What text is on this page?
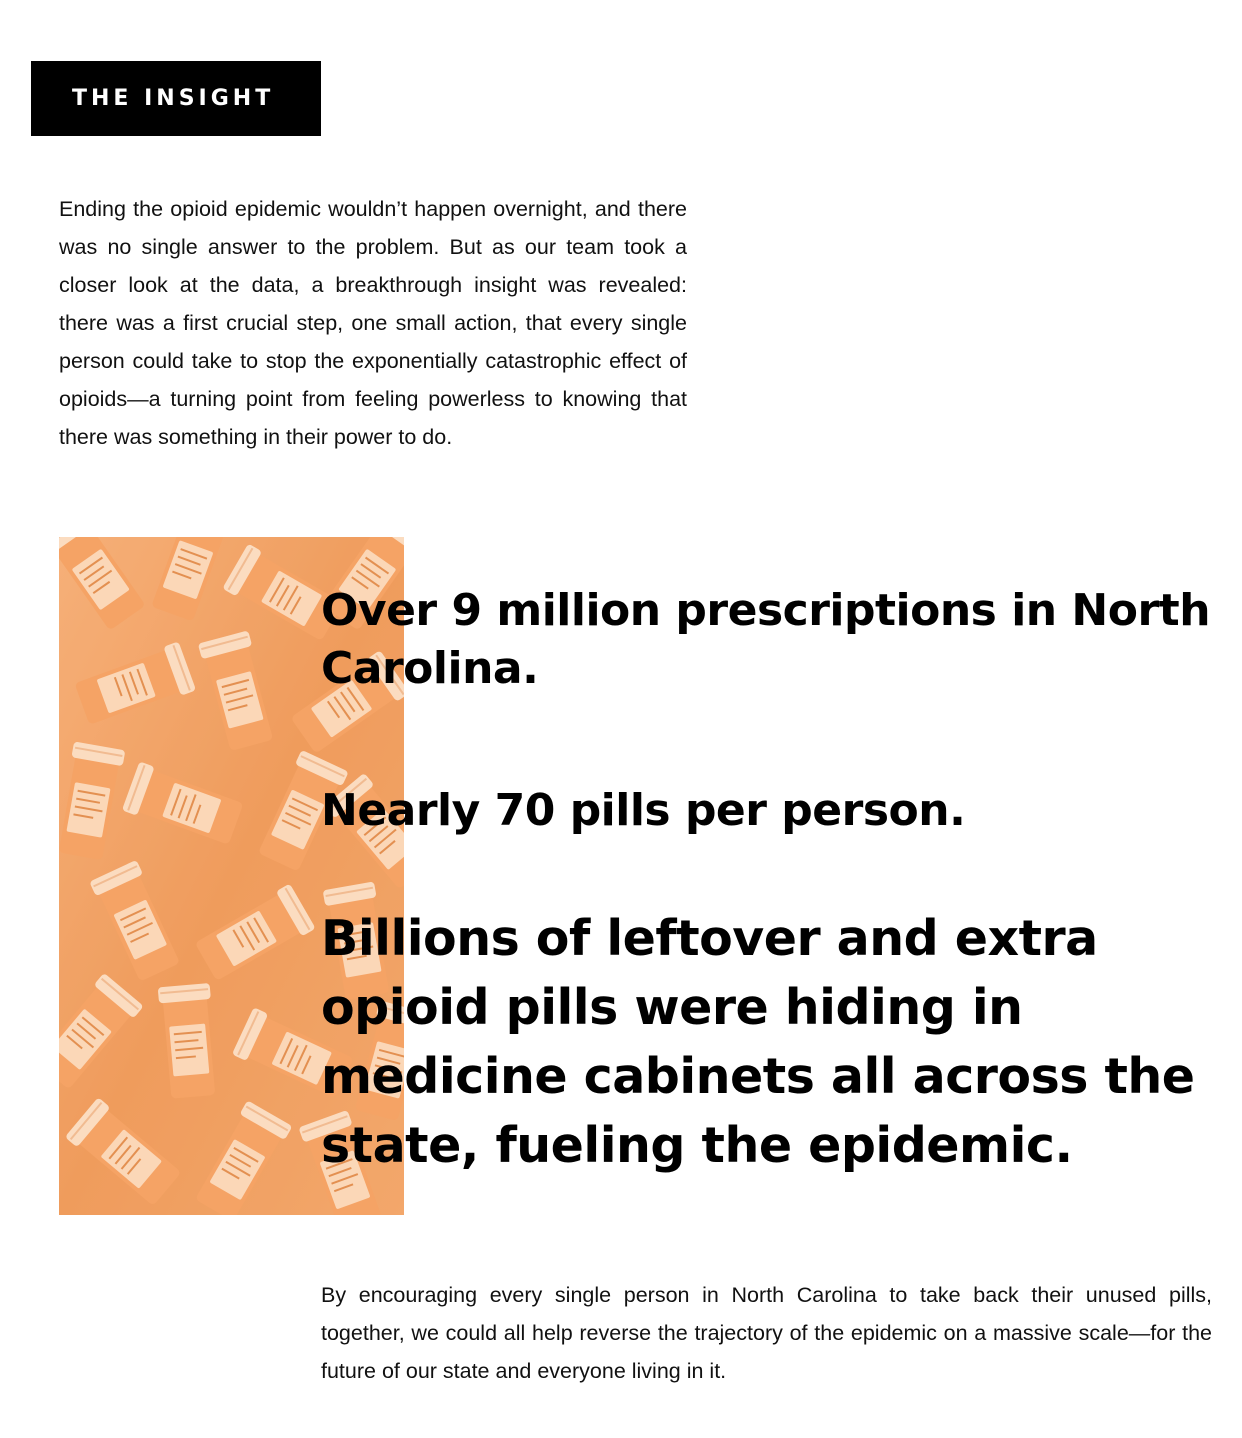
THE INSIGHT

Ending the opioid epidemic wouldn’t happen overnight, and there was no single answer to the problem. But as our team took a closer look at the data, a breakthrough insight was revealed: there was a first crucial step, one small action, that every single person could take to stop the exponentially catastrophic effect of opioids—a turning point from feeling powerless to knowing that there was something in their power to do.

Over 9 million prescriptions in North Carolina.

Nearly 70 pills per person.

Billions of leftover and extra opioid pills were hiding in medicine cabinets all across the state, fueling the epidemic.

By encouraging every single person in North Carolina to take back their unused pills, together, we could all help reverse the trajectory of the epidemic on a massive scale—for the future of our state and everyone living in it.
